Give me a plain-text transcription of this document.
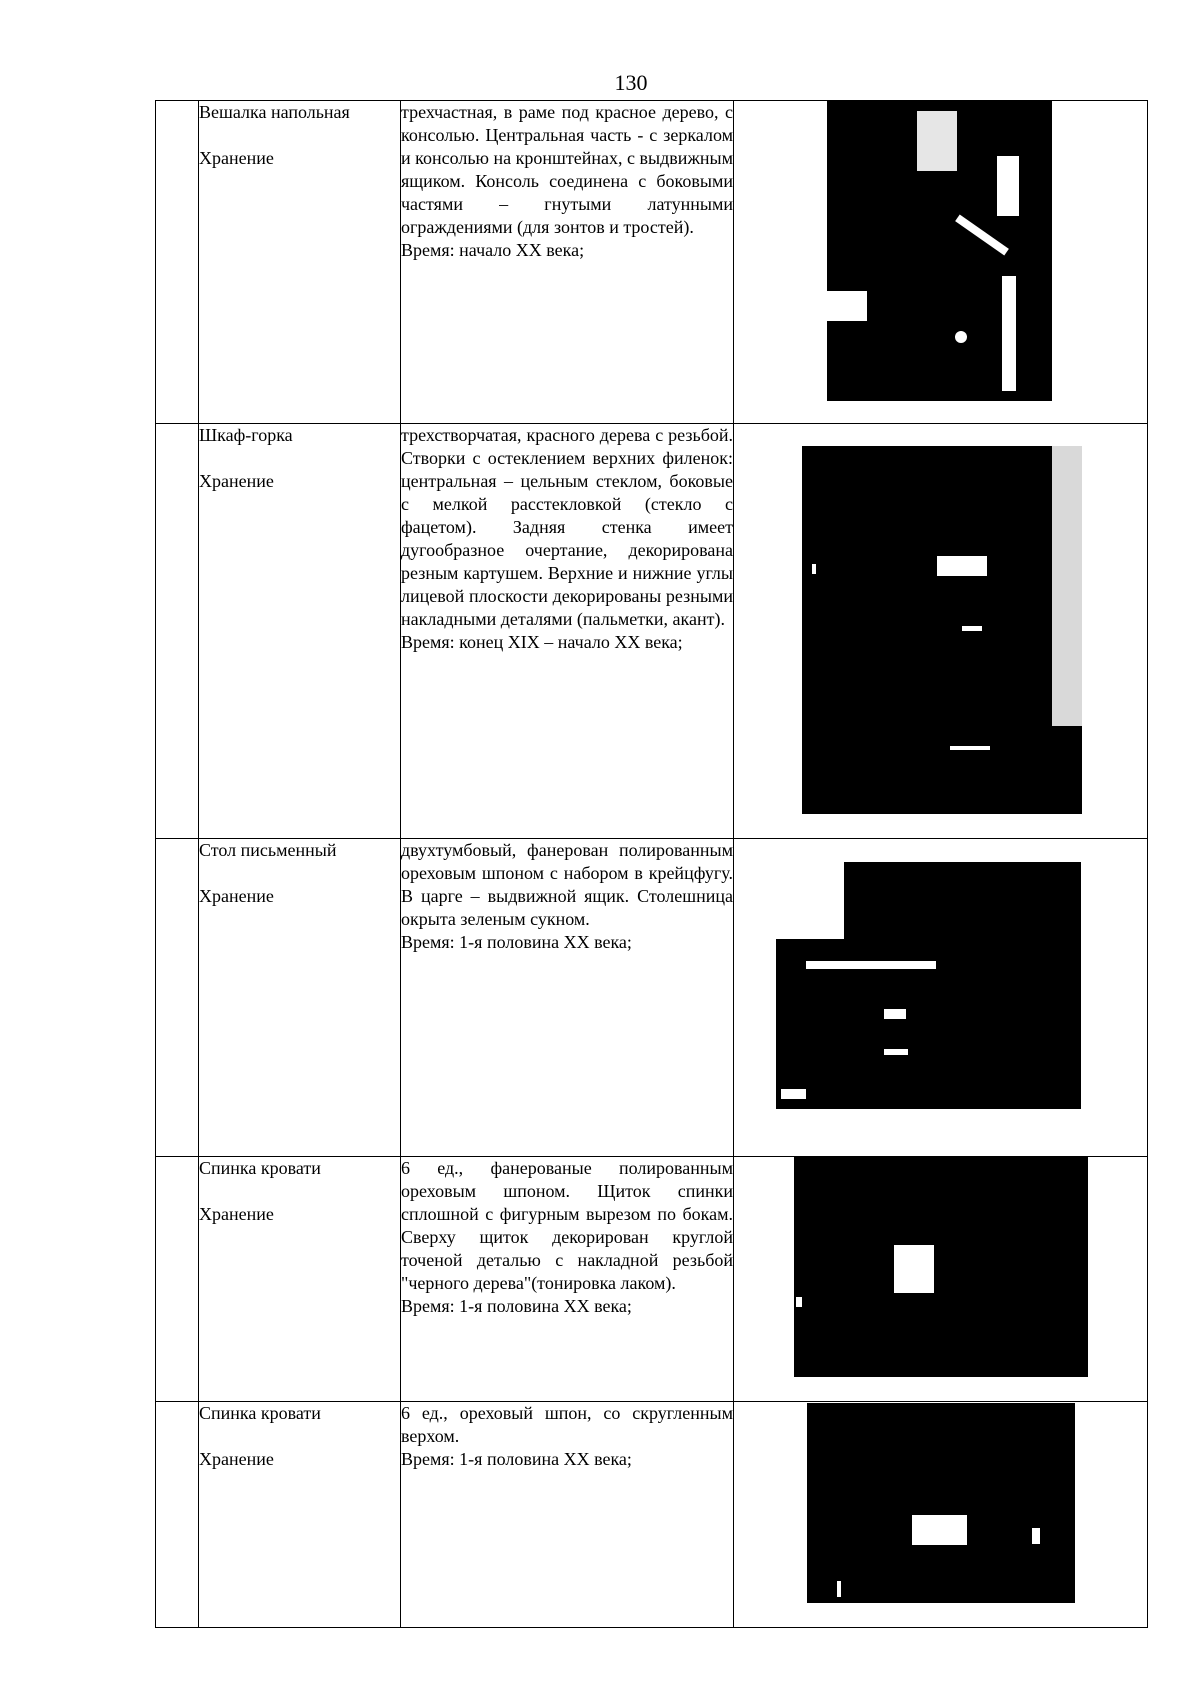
130

	Вешалка напольная
Хранение	трехчастная, в раме под красное дерево, с консолью. Центральная часть - с зеркалом и консолью на кронштейнах, с выдвижным ящиком. Консоль соединена с боковыми частями – гнутыми латунными ограждениями (для зонтов и тростей).
Время: начало XX века;	

	Шкаф-горка
Хранение	трехстворчатая, красного дерева с резьбой. Створки с остеклением верхних филенок: центральная – цельным стеклом, боковые с мелкой расстекловкой (стекло с фацетом). Задняя стенка имеет дугообразное очертание, декорирована резным картушем. Верхние и нижние углы лицевой плоскости декорированы резными накладными деталями (пальметки, акант).
Время: конец XIX – начало XX века;	

	Стол письменный
Хранение	двухтумбовый, фанерован полированным ореховым шпоном с набором в крейцфугу. В царге – выдвижной ящик. Столешница окрыта зеленым сукном.
Время: 1-я половина XX века;	

	Спинка кровати
Хранение	6 ед., фанерованые полированным ореховым шпоном. Щиток спинки сплошной с фигурным вырезом по бокам. Сверху щиток декорирован круглой точеной деталью с накладной резьбой "черного дерева"(тонировка лаком).
Время: 1-я половина XX века;	

	Спинка кровати
Хранение	6 ед., ореховый шпон, со скругленным верхом.
Время: 1-я половина XX века;	
